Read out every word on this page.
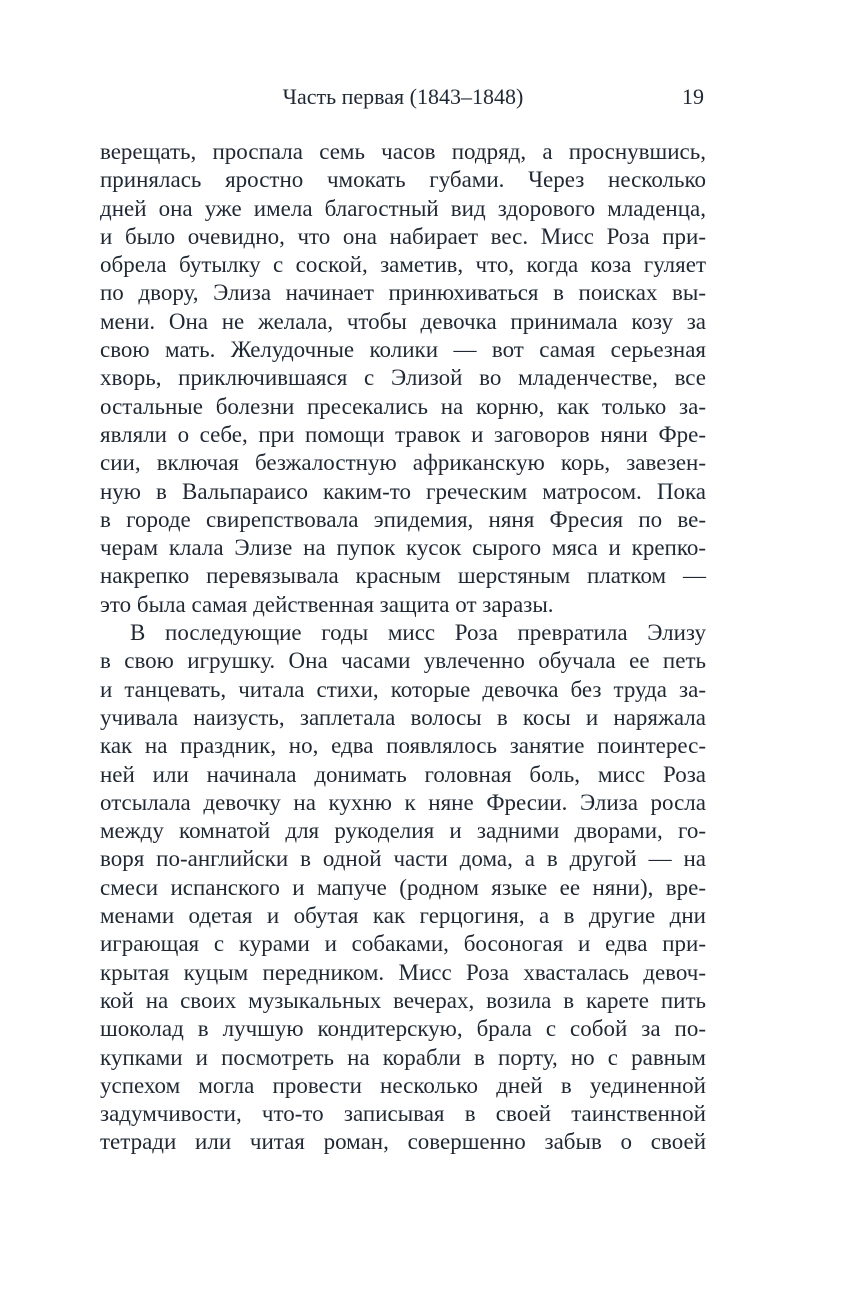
Часть первая (1843–1848)	19
верещать, проспала семь часов подряд, а проснувшись,
принялась яростно чмокать губами. Через несколько
дней она уже имела благостный вид здорового младенца,
и было очевидно, что она набирает вес. Мисс Роза при-
обрела бутылку с соской, заметив, что, когда коза гуляет
по двору, Элиза начинает принюхиваться в поисках вы-
мени. Она не желала, чтобы девочка принимала козу за
свою мать. Желудочные колики — вот самая серьезная
хворь, приключившаяся с Элизой во младенчестве, все
остальные болезни пресекались на корню, как только за-
являли о себе, при помощи травок и заговоров няни Фре-
сии, включая безжалостную африканскую корь, завезен-
ную в Вальпараисо каким-то греческим матросом. Пока
в городе свирепствовала эпидемия, няня Фресия по ве-
черам клала Элизе на пупок кусок сырого мяса и крепко-
накрепко перевязывала красным шерстяным платком —
это была самая действенная защита от заразы.
В последующие годы мисс Роза превратила Элизу
в свою игрушку. Она часами увлеченно обучала ее петь
и танцевать, читала стихи, которые девочка без труда за-
учивала наизусть, заплетала волосы в косы и наряжала
как на праздник, но, едва появлялось занятие поинтерес-
ней или начинала донимать головная боль, мисс Роза
отсылала девочку на кухню к няне Фресии. Элиза росла
между комнатой для рукоделия и задними дворами, го-
воря по-английски в одной части дома, а в другой — на
смеси испанского и мапуче (родном языке ее няни), вре-
менами одетая и обутая как герцогиня, а в другие дни
играющая с курами и собаками, босоногая и едва при-
крытая куцым передником. Мисс Роза хвасталась девоч-
кой на своих музыкальных вечерах, возила в карете пить
шоколад в лучшую кондитерскую, брала с собой за по-
купками и посмотреть на корабли в порту, но с равным
успехом могла провести несколько дней в уединенной
задумчивости, что-то записывая в своей таинственной
тетради или читая роман, совершенно забыв о своей
